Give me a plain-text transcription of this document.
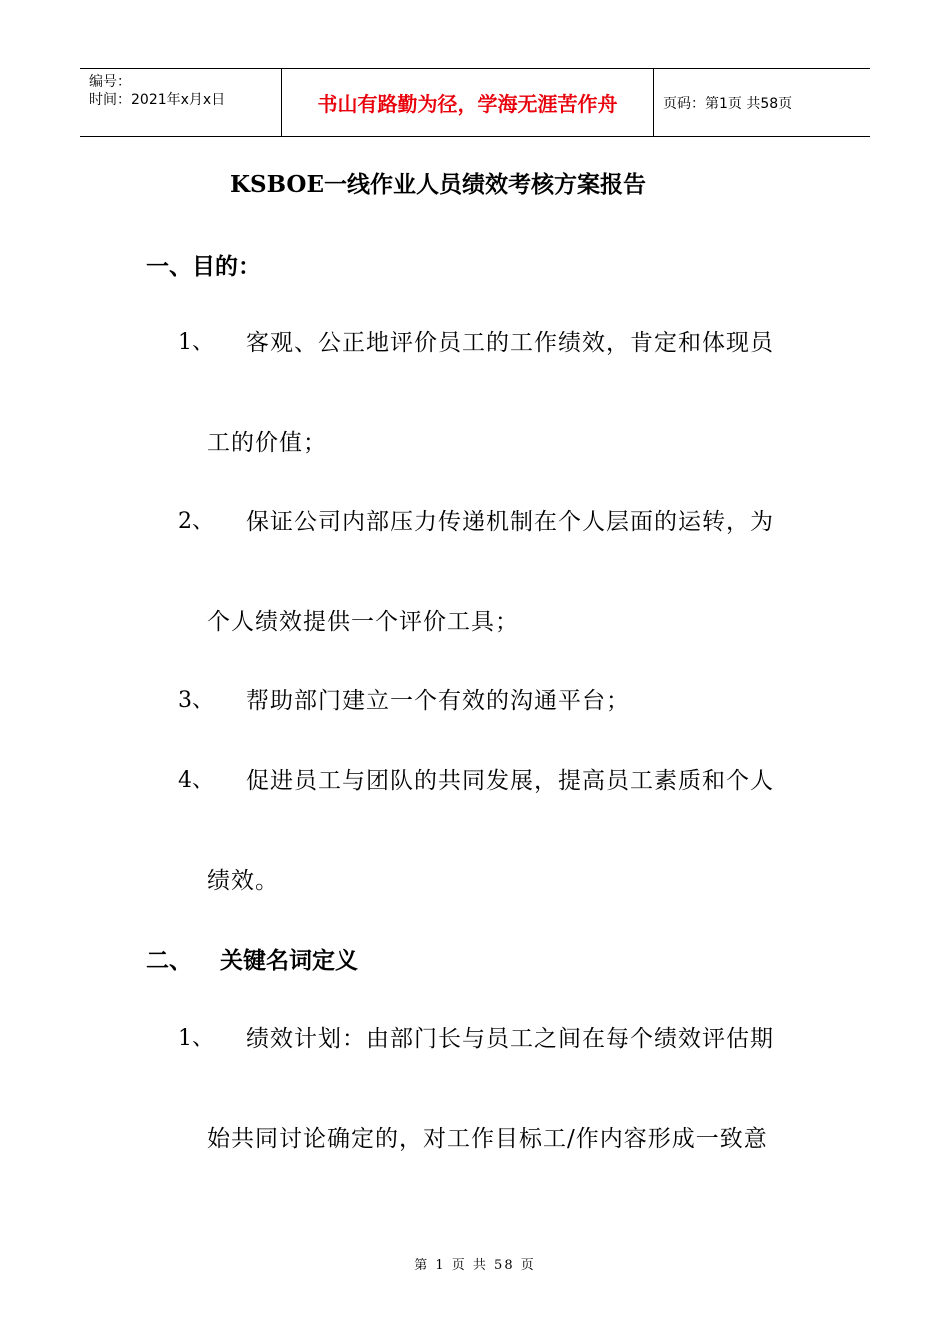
编号：
时间：2021年x月x日	书山有路勤为径，学海无涯苦作舟	页码：第1页 共58页
KSBOE一线作业人员绩效考核方案报告
一、目的：
1、 客观、公正地评价员工的工作绩效，肯定和体现员
工的价值；
2、 保证公司内部压力传递机制在个人层面的运转，为
个人绩效提供一个评价工具；
3、 帮助部门建立一个有效的沟通平台；
4、 促进员工与团队的共同发展，提高员工素质和个人
绩效。
二、 关键名词定义
1、 绩效计划：由部门长与员工之间在每个绩效评估期
始共同讨论确定的，对工作目标工/作内容形成一致意
第 1 页 共 58 页
